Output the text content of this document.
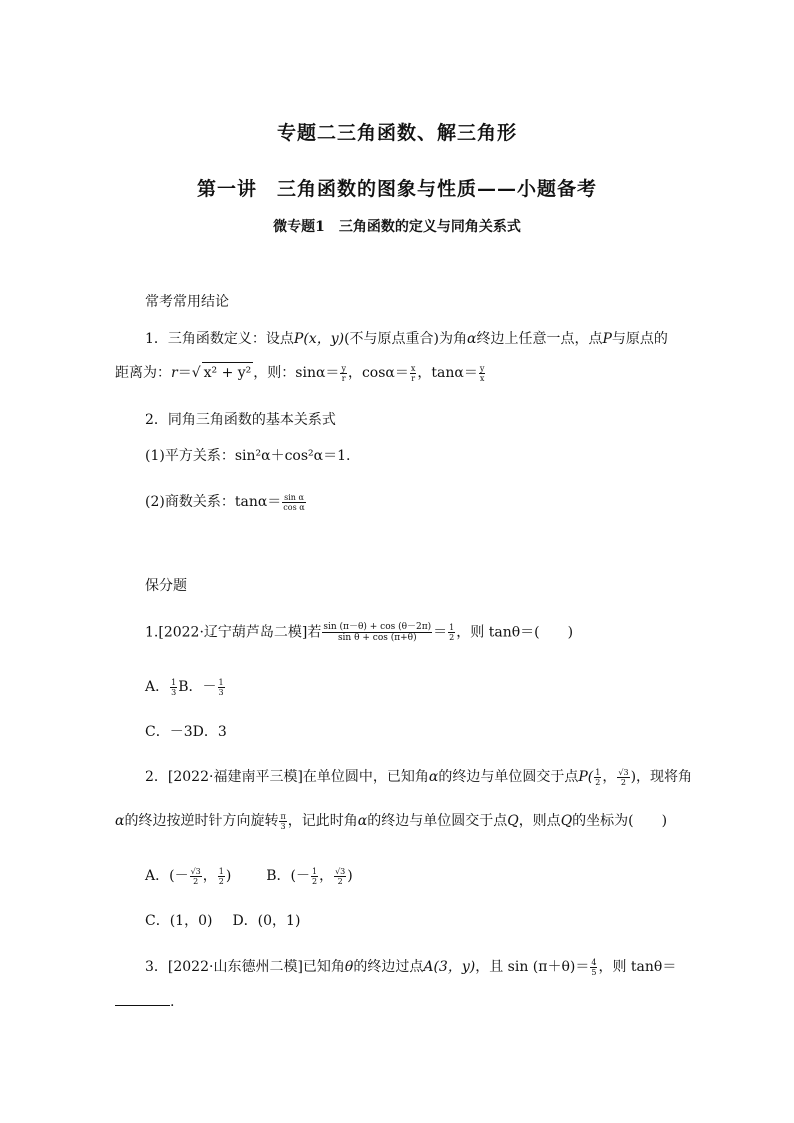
专题二三角函数、解三角形
第一讲　三角函数的图象与性质——小题备考
微专题1　三角函数的定义与同角关系式
常考常用结论
1．三角函数定义：设点P(x，y)(不与原点重合)为角α终边上任意一点，点P与原点的
距离为：r＝√ x² + y² ，则：$\sin\alpha= \frac{y}{r}$ ，$\cos\alpha= \frac{x}{r}$ ，$\tan\alpha= \frac{y}{x}$
2．同角三角函数的基本关系式
(1)平方关系：sin²α＋cos²α＝1.
(2)商数关系：$\tan\alpha= \frac{\text{sin α}}{\text{cos α}}$
保分题
1.[2022·辽宁葫芦岛二模]若 $\frac{\sin (\pi-\theta) + \cos (\theta-2\pi)}{\text{sin θ + cos (π+θ)}} = \frac{1}{2}$ ，则 tanθ＝(　　)
A． $\frac{1}{3}$ B．－ $\frac{1}{3}$
C．－3D．3
2．[2022·福建南平三模]在单位圆中，已知角α的终边与单位圆交于点$P( \frac{1}{2}$ ， $\frac{√3}{2}$ )，现将角
α的终边按逆时针方向旋转 $\frac{\pi}{3}$ ，记此时角α的终边与单位圆交于点Q，则点Q的坐标为(　　)
A．(－ $\frac{√3}{2}$ ， $\frac{1}{2}$ ) B．(－ $\frac{1}{2}$ ， $\frac{√3}{2}$ )
C．(1，0) D．(0，1)
3．[2022·山东德州二模]已知角θ的终边过点A(3，y)，且 $\sin (\pi+\theta)= \frac{4}{5}$ ，则 tanθ＝
.
